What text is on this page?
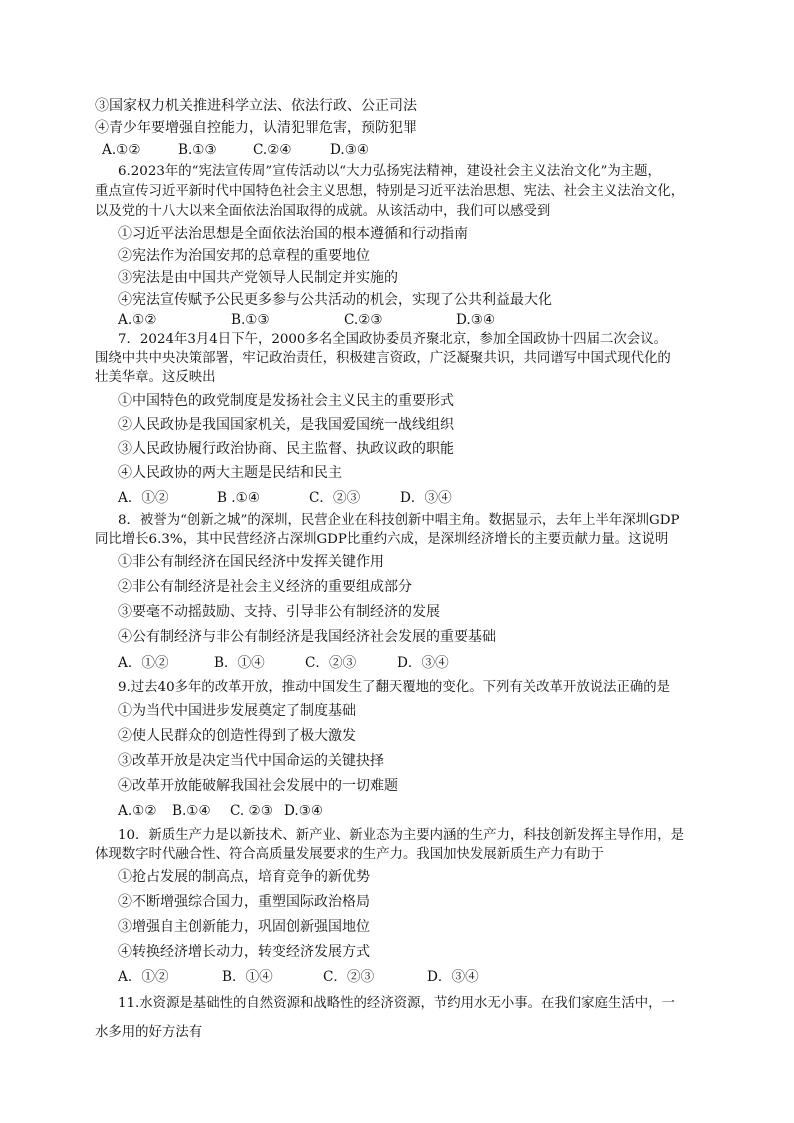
③国家权力机关推进科学立法、依法行政、公正司法
④青少年要增强自控能力，认清犯罪危害，预防犯罪
A.①②	B.①③	C.②④	D.③④
6.2023年的“宪法宣传周”宣传活动以“大力弘扬宪法精神，建设社会主义法治文化”为主题，
重点宣传习近平新时代中国特色社会主义思想，特别是习近平法治思想、宪法、社会主义法治文化，
以及党的十八大以来全面依法治国取得的成就。从该活动中，我们可以感受到
①习近平法治思想是全面依法治国的根本遵循和行动指南
②宪法作为治国安邦的总章程的重要地位
③宪法是由中国共产党领导人民制定并实施的
④宪法宣传赋予公民更多参与公共活动的机会，实现了公共利益最大化
A.①②	B.①③	C.②③	D.③④
7．2024年3月4日下午，2000多名全国政协委员齐聚北京，参加全国政协十四届二次会议。
围绕中共中央决策部署，牢记政治责任，积极建言资政，广泛凝聚共识，共同谱写中国式现代化的
壮美华章。这反映出
①中国特色的政党制度是发扬社会主义民主的重要形式
②人民政协是我国国家机关，是我国爱国统一战线组织
③人民政协履行政治协商、民主监督、执政议政的职能
④人民政协的两大主题是民结和民主
A．①②	B .①④	C．②③	D．③④
8．被誉为“创新之城”的深圳，民营企业在科技创新中唱主角。数据显示，去年上半年深圳GDP
同比增长6.3%，其中民营经济占深圳GDP比重约六成，是深圳经济增长的主要贡献力量。这说明
①非公有制经济在国民经济中发挥关键作用
②非公有制经济是社会主义经济的重要组成部分
③要毫不动摇鼓励、支持、引导非公有制经济的发展
④公有制经济与非公有制经济是我国经济社会发展的重要基础
A．①②	B．①④	C．②③	D．③④
9.过去40多年的改革开放，推动中国发生了翻天覆地的变化。下列有关改革开放说法正确的是
①为当代中国进步发展奠定了制度基础
②使人民群众的创造性得到了极大激发
③改革开放是决定当代中国命运的关键抉择
④改革开放能破解我国社会发展中的一切难题
A.①② B.①④ C. ②③ D.③④
10．新质生产力是以新技术、新产业、新业态为主要内涵的生产力，科技创新发挥主导作用，是
体现数字时代融合性、符合高质量发展要求的生产力。我国加快发展新质生产力有助于
①抢占发展的制高点，培育竞争的新优势
②不断增强综合国力，重塑国际政治格局
③增强自主创新能力，巩固创新强国地位
④转换经济增长动力，转变经济发展方式
A．①②	B．①④	C．②③	D．③④
11.水资源是基础性的自然资源和战略性的经济资源，节约用水无小事。在我们家庭生活中，一
水多用的好方法有
